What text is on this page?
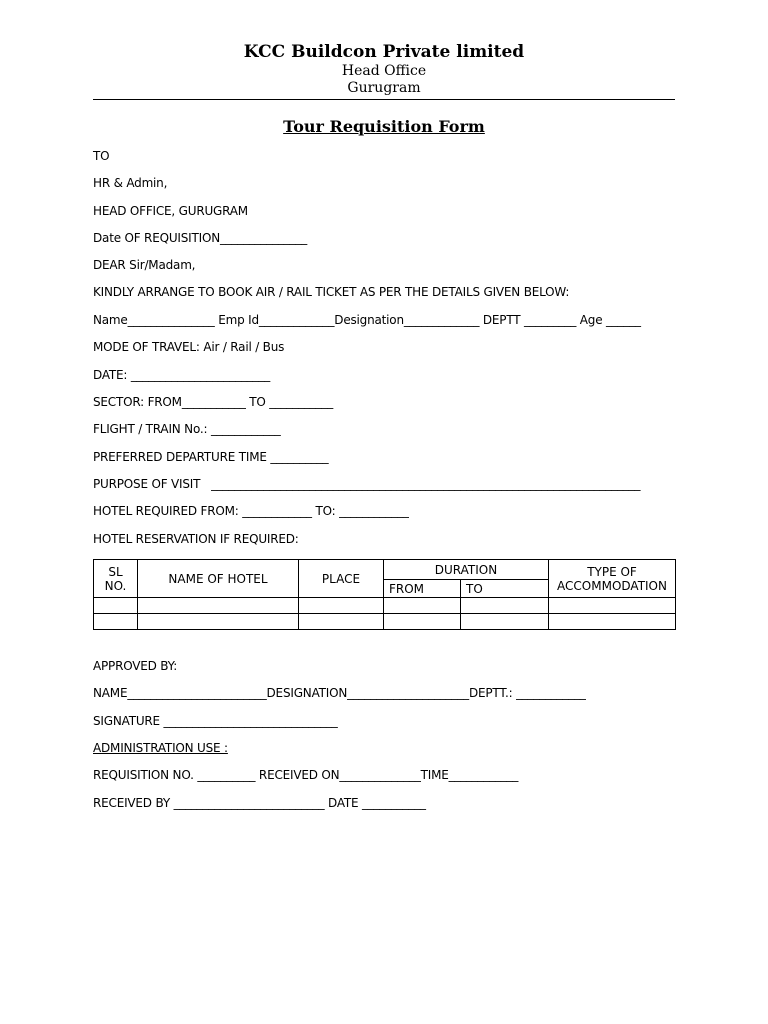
KCC Buildcon Private limited
Head Office
Gurugram
Tour Requisition Form
TO
HR & Admin,
HEAD OFFICE, GURUGRAM
Date OF REQUISITION_______________
DEAR Sir/Madam,
KINDLY ARRANGE TO BOOK AIR / RAIL TICKET AS PER THE DETAILS GIVEN BELOW:
Name_______________ Emp Id_____________Designation_____________ DEPTT _________ Age ______
MODE OF TRAVEL: Air / Rail / Bus
DATE: ________________________
SECTOR: FROM___________ TO ___________
FLIGHT / TRAIN No.: ____________
PREFERRED DEPARTURE TIME __________
PURPOSE OF VISIT   __________________________________________________________________________
HOTEL REQUIRED FROM: ____________ TO: ____________
HOTEL RESERVATION IF REQUIRED:
SL
NO.	NAME OF HOTEL	PLACE	DURATION		TYPE OF
ACCOMMODATION
			FROM	TO	

APPROVED BY:
NAME________________________DESIGNATION_____________________DEPTT.: ____________
SIGNATURE ______________________________
ADMINISTRATION USE :
REQUISITION NO. __________ RECEIVED ON______________TIME____________
RECEIVED BY __________________________ DATE ___________
